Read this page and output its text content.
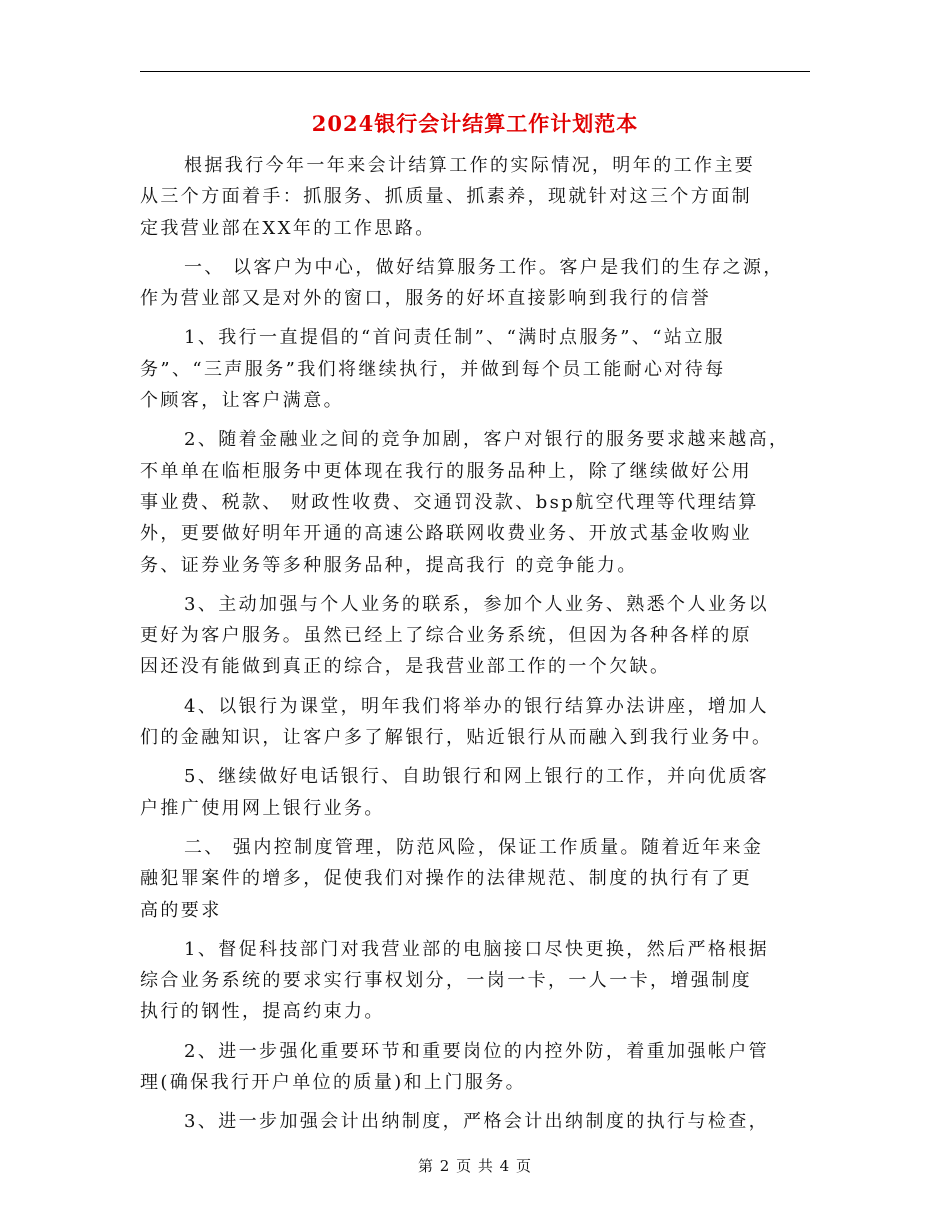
2024银行会计结算工作计划范本
根据我行今年一年来会计结算工作的实际情况，明年的工作主要
从三个方面着手：抓服务、抓质量、抓素养，现就针对这三个方面制
定我营业部在XX年的工作思路。
一、 以客户为中心，做好结算服务工作。客户是我们的生存之源，
作为营业部又是对外的窗口，服务的好坏直接影响到我行的信誉
1、我行一直提倡的“首问责任制”、“满时点服务”、“站立服
务”、“三声服务”我们将继续执行，并做到每个员工能耐心对待每
个顾客，让客户满意。
2、随着金融业之间的竞争加剧，客户对银行的服务要求越来越高，
不单单在临柜服务中更体现在我行的服务品种上，除了继续做好公用
事业费、税款、 财政性收费、交通罚没款、bsp航空代理等代理结算
外，更要做好明年开通的高速公路联网收费业务、开放式基金收购业
务、证券业务等多种服务品种，提高我行 的竞争能力。
3、主动加强与个人业务的联系，参加个人业务、熟悉个人业务以
更好为客户服务。虽然已经上了综合业务系统，但因为各种各样的原
因还没有能做到真正的综合，是我营业部工作的一个欠缺。
4、以银行为课堂，明年我们将举办的银行结算办法讲座，增加人
们的金融知识，让客户多了解银行，贴近银行从而融入到我行业务中。
5、继续做好电话银行、自助银行和网上银行的工作，并向优质客
户推广使用网上银行业务。
二、 强内控制度管理，防范风险，保证工作质量。随着近年来金
融犯罪案件的增多，促使我们对操作的法律规范、制度的执行有了更
高的要求
1、督促科技部门对我营业部的电脑接口尽快更换，然后严格根据
综合业务系统的要求实行事权划分，一岗一卡，一人一卡，增强制度
执行的钢性，提高约束力。
2、进一步强化重要环节和重要岗位的内控外防，着重加强帐户管
理(确保我行开户单位的质量)和上门服务。
3、进一步加强会计出纳制度，严格会计出纳制度的执行与检查，
第 2 页 共 4 页
